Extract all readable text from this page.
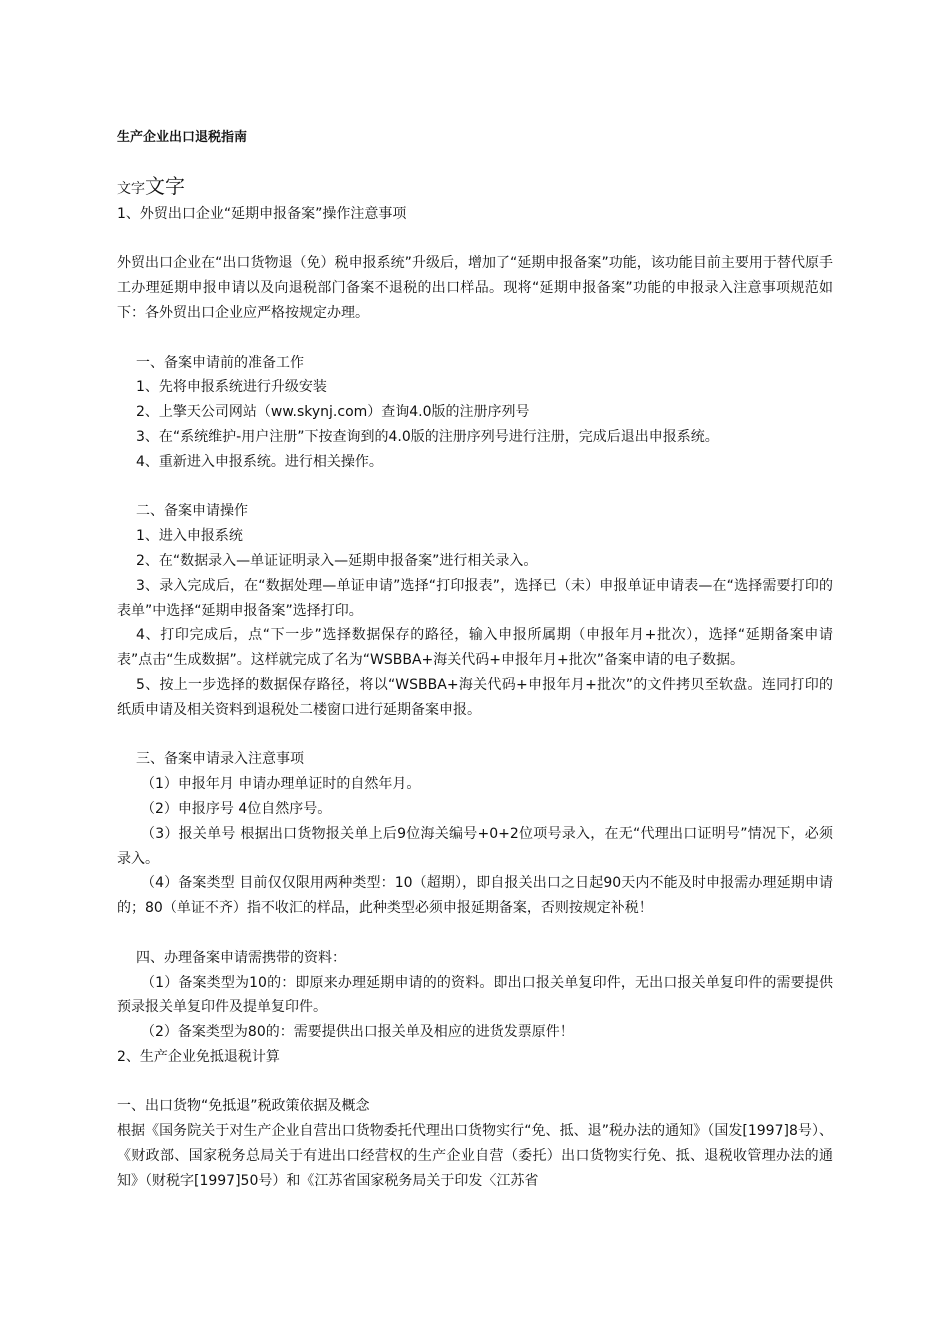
生产企业出口退税指南

文字文字

1、外贸出口企业“延期申报备案”操作注意事项

外贸出口企业在“出口货物退（免）税申报系统”升级后，增加了“延期申报备案”功能，该功能目前主要用于替代原手工办理延期申报申请以及向退税部门备案不退税的出口样品。现将“延期申报备案”功能的申报录入注意事项规范如下：各外贸出口企业应严格按规定办理。

一、备案申请前的准备工作

1、先将申报系统进行升级安装

2、上擎天公司网站（ww.skynj.com）查询4.0版的注册序列号

3、在“系统维护-用户注册”下按查询到的4.0版的注册序列号进行注册，完成后退出申报系统。

4、重新进入申报系统。进行相关操作。

二、备案申请操作

1、进入申报系统

2、在“数据录入—单证证明录入—延期申报备案”进行相关录入。

3、录入完成后，在“数据处理—单证申请”选择“打印报表”，选择已（未）申报单证申请表—在“选择需要打印的表单”中选择“延期申报备案”选择打印。

4、打印完成后，点“下一步”选择数据保存的路径，输入申报所属期（申报年月+批次），选择“延期备案申请表”点击“生成数据”。这样就完成了名为“WSBBA+海关代码+申报年月+批次”备案申请的电子数据。

5、按上一步选择的数据保存路径，将以“WSBBA+海关代码+申报年月+批次”的文件拷贝至软盘。连同打印的纸质申请及相关资料到退税处二楼窗口进行延期备案申报。

三、备案申请录入注意事项

（1）申报年月 申请办理单证时的自然年月。

（2）申报序号 4位自然序号。

（3）报关单号 根据出口货物报关单上后9位海关编号+0+2位项号录入，在无“代理出口证明号”情况下，必须录入。

（4）备案类型 目前仅仅限用两种类型：10（超期），即自报关出口之日起90天内不能及时申报需办理延期申请的；80（单证不齐）指不收汇的样品，此种类型必须申报延期备案，否则按规定补税！

四、办理备案申请需携带的资料：

（1）备案类型为10的：即原来办理延期申请的的资料。即出口报关单复印件，无出口报关单复印件的需要提供预录报关单复印件及提单复印件。

（2）备案类型为80的：需要提供出口报关单及相应的进货发票原件！

2、生产企业免抵退税计算

一、出口货物“免抵退”税政策依据及概念

根据《国务院关于对生产企业自营出口货物委托代理出口货物实行“免、抵、退”税办法的通知》（国发[1997]8号）、《财政部、国家税务总局关于有进出口经营权的生产企业自营（委托）出口货物实行免、抵、退税收管理办法的通知》（财税字[1997]50号）和《江苏省国家税务局关于印发〈江苏省
